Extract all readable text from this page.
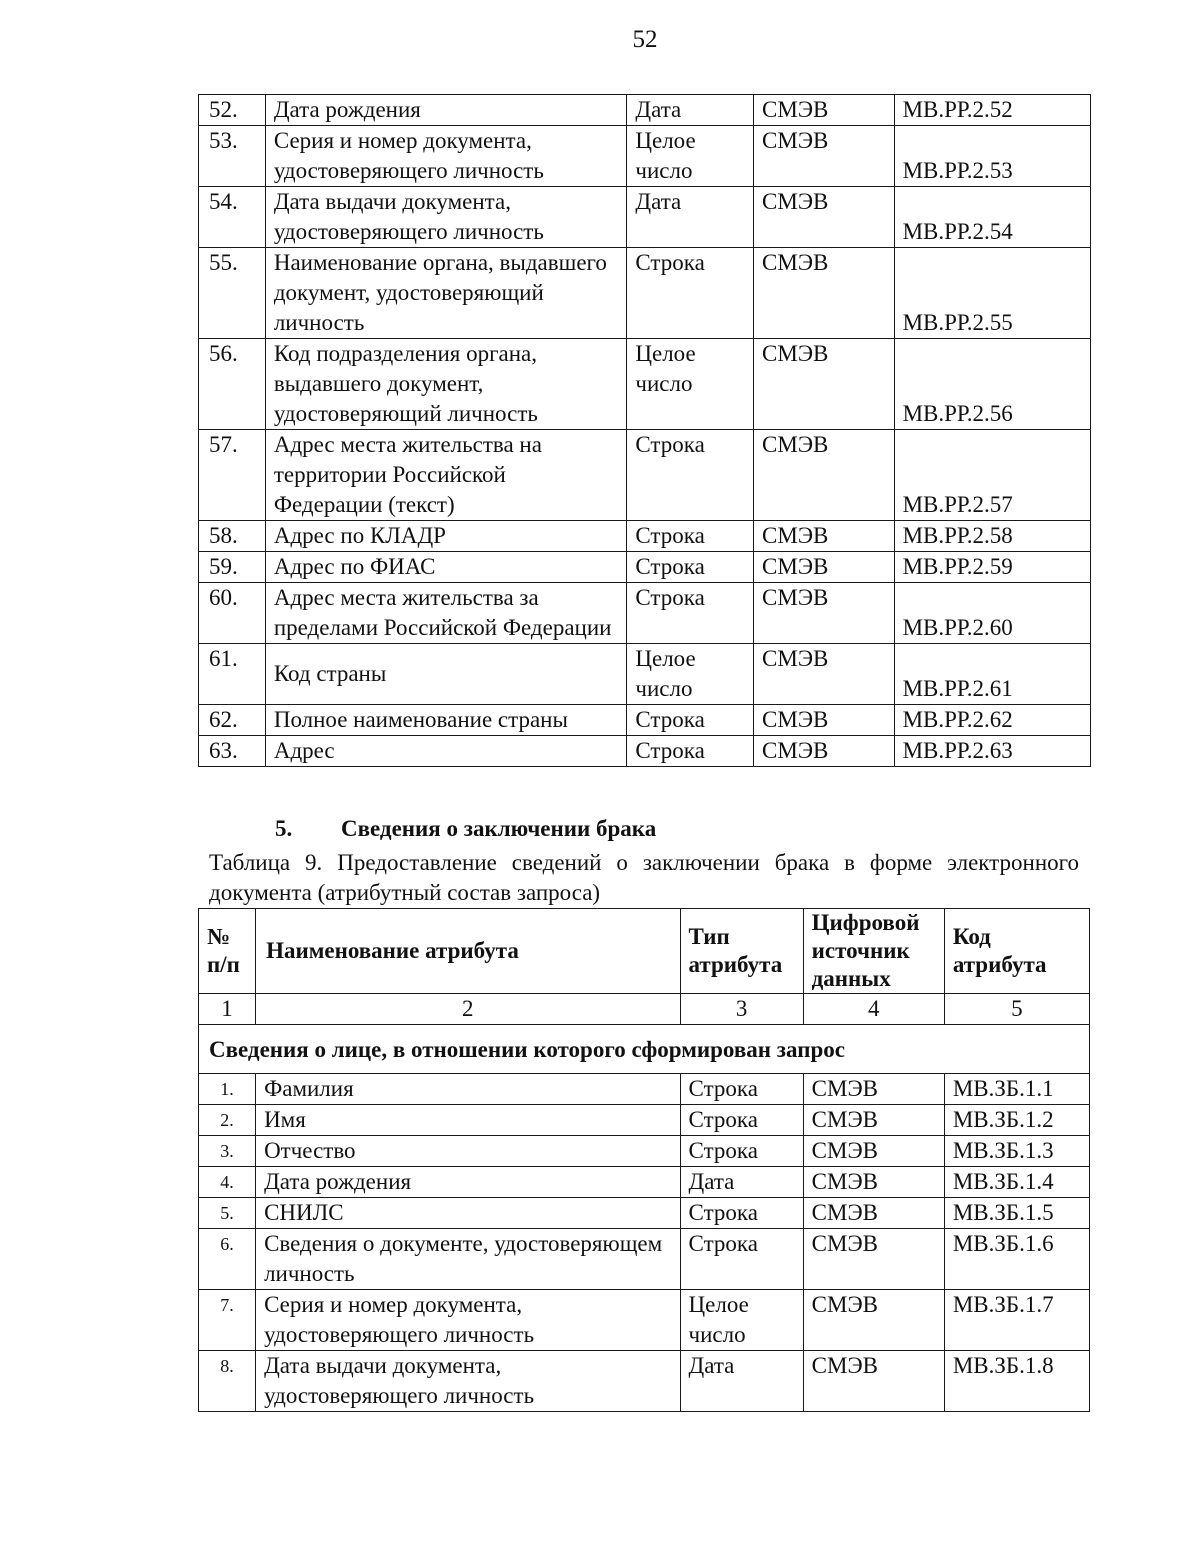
52
52.	Дата рождения	Дата	СМЭВ	МВ.РР.2.52
53.	Серия и номер документа, удостоверяющего личность	Целое число	СМЭВ	МВ.РР.2.53
54.	Дата выдачи документа, удостоверяющего личность	Дата	СМЭВ	МВ.РР.2.54
55.	Наименование органа, выдавшего документ, удостоверяющий личность	Строка	СМЭВ	МВ.РР.2.55
56.	Код подразделения органа, выдавшего документ, удостоверяющий личность	Целое число	СМЭВ	МВ.РР.2.56
57.	Адрес места жительства на территории Российской Федерации (текст)	Строка	СМЭВ	МВ.РР.2.57
58.	Адрес по КЛАДР	Строка	СМЭВ	МВ.РР.2.58
59.	Адрес по ФИАС	Строка	СМЭВ	МВ.РР.2.59
60.	Адрес места жительства за пределами Российской Федерации	Строка	СМЭВ	МВ.РР.2.60
61.	Код страны	Целое число	СМЭВ	МВ.РР.2.61
62.	Полное наименование страны	Строка	СМЭВ	МВ.РР.2.62
63.	Адрес	Строка	СМЭВ	МВ.РР.2.63
5. Сведения о заключении брака
Таблица 9. Предоставление сведений о заключении брака в форме электронного документа (атрибутный состав запроса)
№ п/п	Наименование атрибута	Тип атрибута	Цифровой источник данных	Код атрибута
1	2	3	4	5
Сведения о лице, в отношении которого сформирован запрос				
1.	Фамилия	Строка	СМЭВ	МВ.ЗБ.1.1
2.	Имя	Строка	СМЭВ	МВ.ЗБ.1.2
3.	Отчество	Строка	СМЭВ	МВ.ЗБ.1.3
4.	Дата рождения	Дата	СМЭВ	МВ.ЗБ.1.4
5.	СНИЛС	Строка	СМЭВ	МВ.ЗБ.1.5
6.	Сведения о документе, удостоверяющем личность	Строка	СМЭВ	МВ.ЗБ.1.6
7.	Серия и номер документа, удостоверяющего личность	Целое число	СМЭВ	МВ.ЗБ.1.7
8.	Дата выдачи документа, удостоверяющего личность	Дата	СМЭВ	МВ.ЗБ.1.8
